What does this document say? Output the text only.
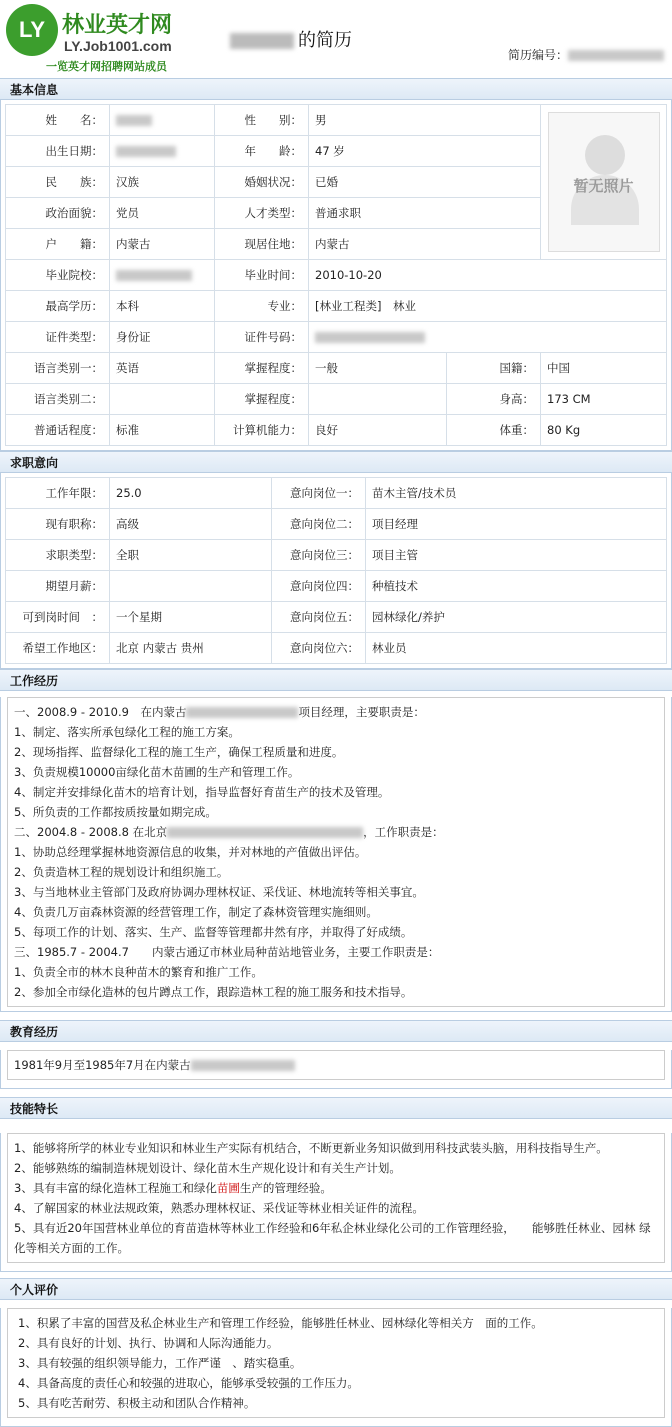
LY 林业英才网
LY.Job1001.com
一览英才网招聘网站成员
的简历
简历编号：
基本信息
姓　　名：		性　　别：	男		暂无照片

出生日期：		年　　龄：	47 岁		
民　　族：	汉族	婚姻状况：	已婚		
政治面貌：	党员	人才类型：	普通求职		
户　　籍：	内蒙古	现居住地：	内蒙古		
毕业院校：		毕业时间：	2010-10-20		
最高学历：	本科	专业：	[林业工程类]　林业		
证件类型：	身份证	证件号码：			
语言类别一：	英语	掌握程度：	一般	国籍：	中国
语言类别二：		掌握程度：		身高：	173 CM
普通话程度：	标准	计算机能力：	良好	体重：	80 Kg
求职意向
工作年限：	25.0	意向岗位一：	苗木主管/技术员
现有职称：	高级	意向岗位二：	项目经理
求职类型：	全职	意向岗位三：	项目主管
期望月薪：		意向岗位四：	种植技术
可到岗时间　：	一个星期	意向岗位五：	园林绿化/养护
希望工作地区：	北京 内蒙古 贵州	意向岗位六：	林业员
工作经历
一、2008.9 - 2010.9　在内蒙古	项目经理，主要职责是：
1、制定、落实所承包绿化工程的施工方案。
2、现场指挥、监督绿化工程的施工生产，确保工程质量和进度。
3、负责规模10000亩绿化苗木苗圃的生产和管理工作。
4、制定并安排绿化苗木的培育计划，指导监督好育苗生产的技术及管理。
5、所负责的工作都按质按量如期完成。
二、2004.8 - 2008.8 在北京	，工作职责是：
1、协助总经理掌握林地资源信息的收集，并对林地的产值做出评估。
2、负责造林工程的规划设计和组织施工。
3、与当地林业主管部门及政府协调办理林权证、采伐证、林地流转等相关事宜。
4、负责几万亩森林资源的经营管理工作，制定了森林资管理实施细则。
5、每项工作的计划、落实、生产、监督等管理都井然有序，并取得了好成绩。
三、1985.7 - 2004.7　　内蒙古通辽市林业局种苗站地管业务，主要工作职责是：
1、负责全市的林木良种苗木的繁育和推广工作。
2、参加全市绿化造林的包片蹲点工作，跟踪造林工程的施工服务和技术指导。
教育经历
1981年9月至1985年7月在内蒙古
技能特长
1、能够将所学的林业专业知识和林业生产实际有机结合，不断更新业务知识做到用科技武装头脑，用科技指导生产。
2、能够熟练的编制造林规划设计、绿化苗木生产规化设计和有关生产计划。
3、具有丰富的绿化造林工程施工和绿化苗圃生产的管理经验。
4、了解国家的林业法规政策，熟悉办理林权证、采伐证等林业相关证件的流程。
5、具有近20年国营林业单位的育苗造林等林业工作经验和6年私企林业绿化公司的工作管理经验，　　能够胜任林业、园林 绿化等相关方面的工作。
个人评价
1、积累了丰富的国营及私企林业生产和管理工作经验，能够胜任林业、园林绿化等相关方　面的工作。
2、具有良好的计划、执行、协调和人际沟通能力。
3、具有较强的组织领导能力，工作严谨　、踏实稳重。
4、具备高度的责任心和较强的进取心，能够承受较强的工作压力。
5、具有吃苦耐劳、积极主动和团队合作精神。
